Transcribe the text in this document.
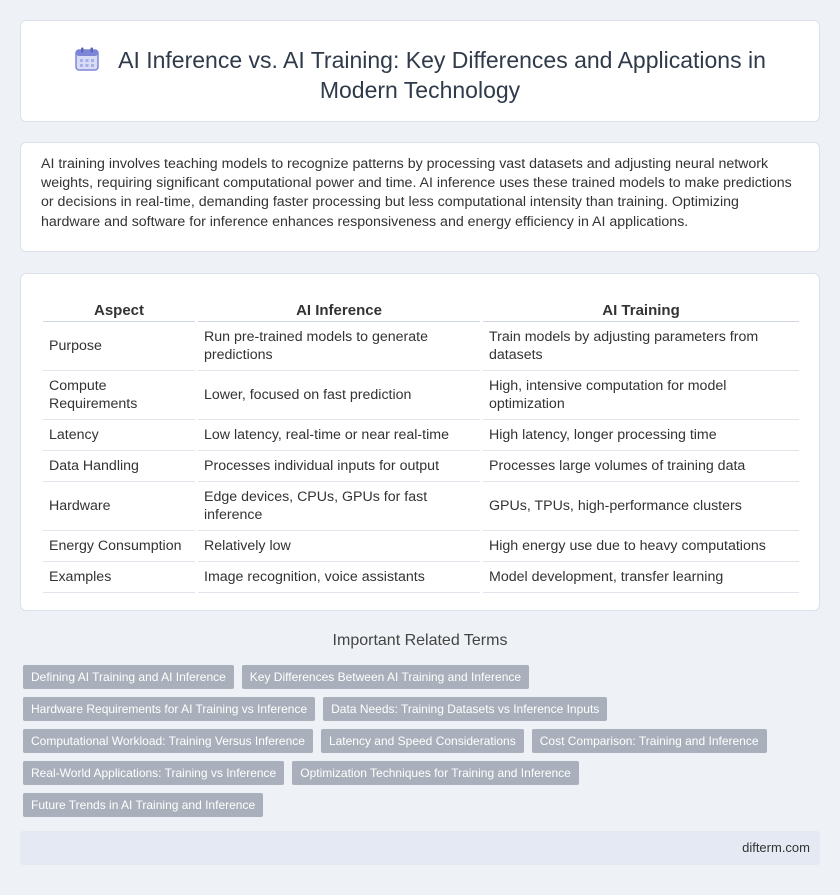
AI Inference vs. AI Training: Key Differences and Applications in Modern Technology

AI training involves teaching models to recognize patterns by processing vast datasets and adjusting neural network weights, requiring significant computational power and time. AI inference uses these trained models to make predictions or decisions in real-time, demanding faster processing but less computational intensity than training. Optimizing hardware and software for inference enhances responsiveness and energy efficiency in AI applications.

Aspect		AI Inference		AI Training
Purpose		Run pre-trained models to generate predictions		Train models by adjusting parameters from datasets
Compute Requirements		Lower, focused on fast prediction		High, intensive computation for model optimization
Latency		Low latency, real-time or near real-time		High latency, longer processing time
Data Handling		Processes individual inputs for output		Processes large volumes of training data
Hardware		Edge devices, CPUs, GPUs for fast inference		GPUs, TPUs, high-performance clusters
Energy Consumption		Relatively low		High energy use due to heavy computations
Examples		Image recognition, voice assistants		Model development, transfer learning
Important Related Terms
Defining AI Training and AI Inference	Key Differences Between AI Training and Inference
Hardware Requirements for AI Training vs Inference	Data Needs: Training Datasets vs Inference Inputs
Computational Workload: Training Versus Inference	Latency and Speed Considerations	Cost Comparison: Training and Inference
Real-World Applications: Training vs Inference	Optimization Techniques for Training and Inference
Future Trends in AI Training and Inference
difterm.com
